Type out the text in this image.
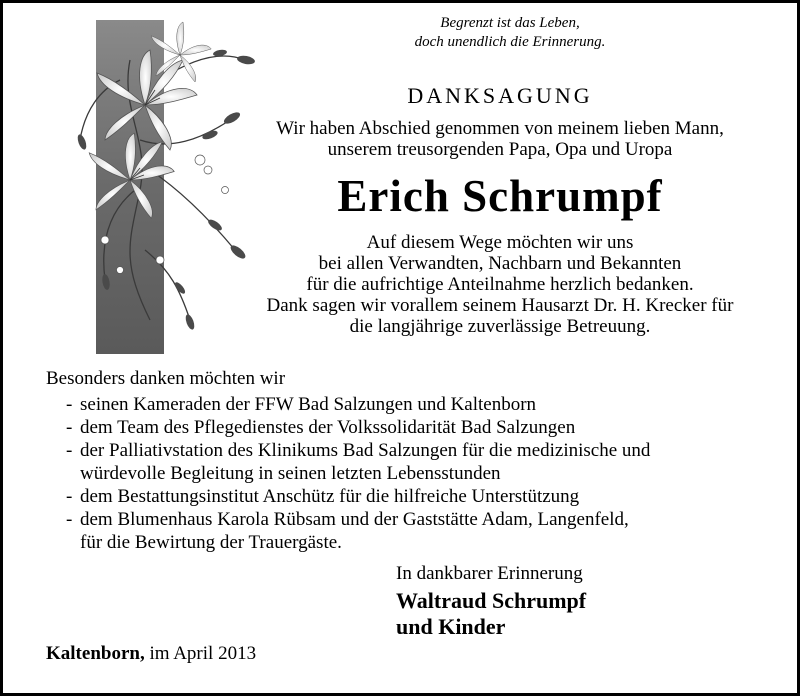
Begrenzt ist das Leben,
doch unendlich die Erinnerung.
DANKSAGUNG
Wir haben Abschied genommen von meinem lieben Mann,
unserem treusorgenden Papa, Opa und Uropa
Erich Schrumpf
Auf diesem Wege möchten wir uns
bei allen Verwandten, Nachbarn und Bekannten
für die aufrichtige Anteilnahme herzlich bedanken.
Dank sagen wir vorallem seinem Hausarzt Dr. H. Krecker für
die langjährige zuverlässige Betreuung.
Besonders danken möchten wir
- seinen Kameraden der FFW Bad Salzungen und Kaltenborn
- dem Team des Pflegedienstes der Volkssolidarität Bad Salzungen
- der Palliativstation des Klinikums Bad Salzungen für die medizinische und
würdevolle Begleitung in seinen letzten Lebensstunden
- dem Bestattungsinstitut Anschütz für die hilfreiche Unterstützung
- dem Blumenhaus Karola Rübsam und der Gaststätte Adam, Langenfeld,
für die Bewirtung der Trauergäste.
In dankbarer Erinnerung
Waltraud Schrumpf
und Kinder
Kaltenborn, im April 2013
